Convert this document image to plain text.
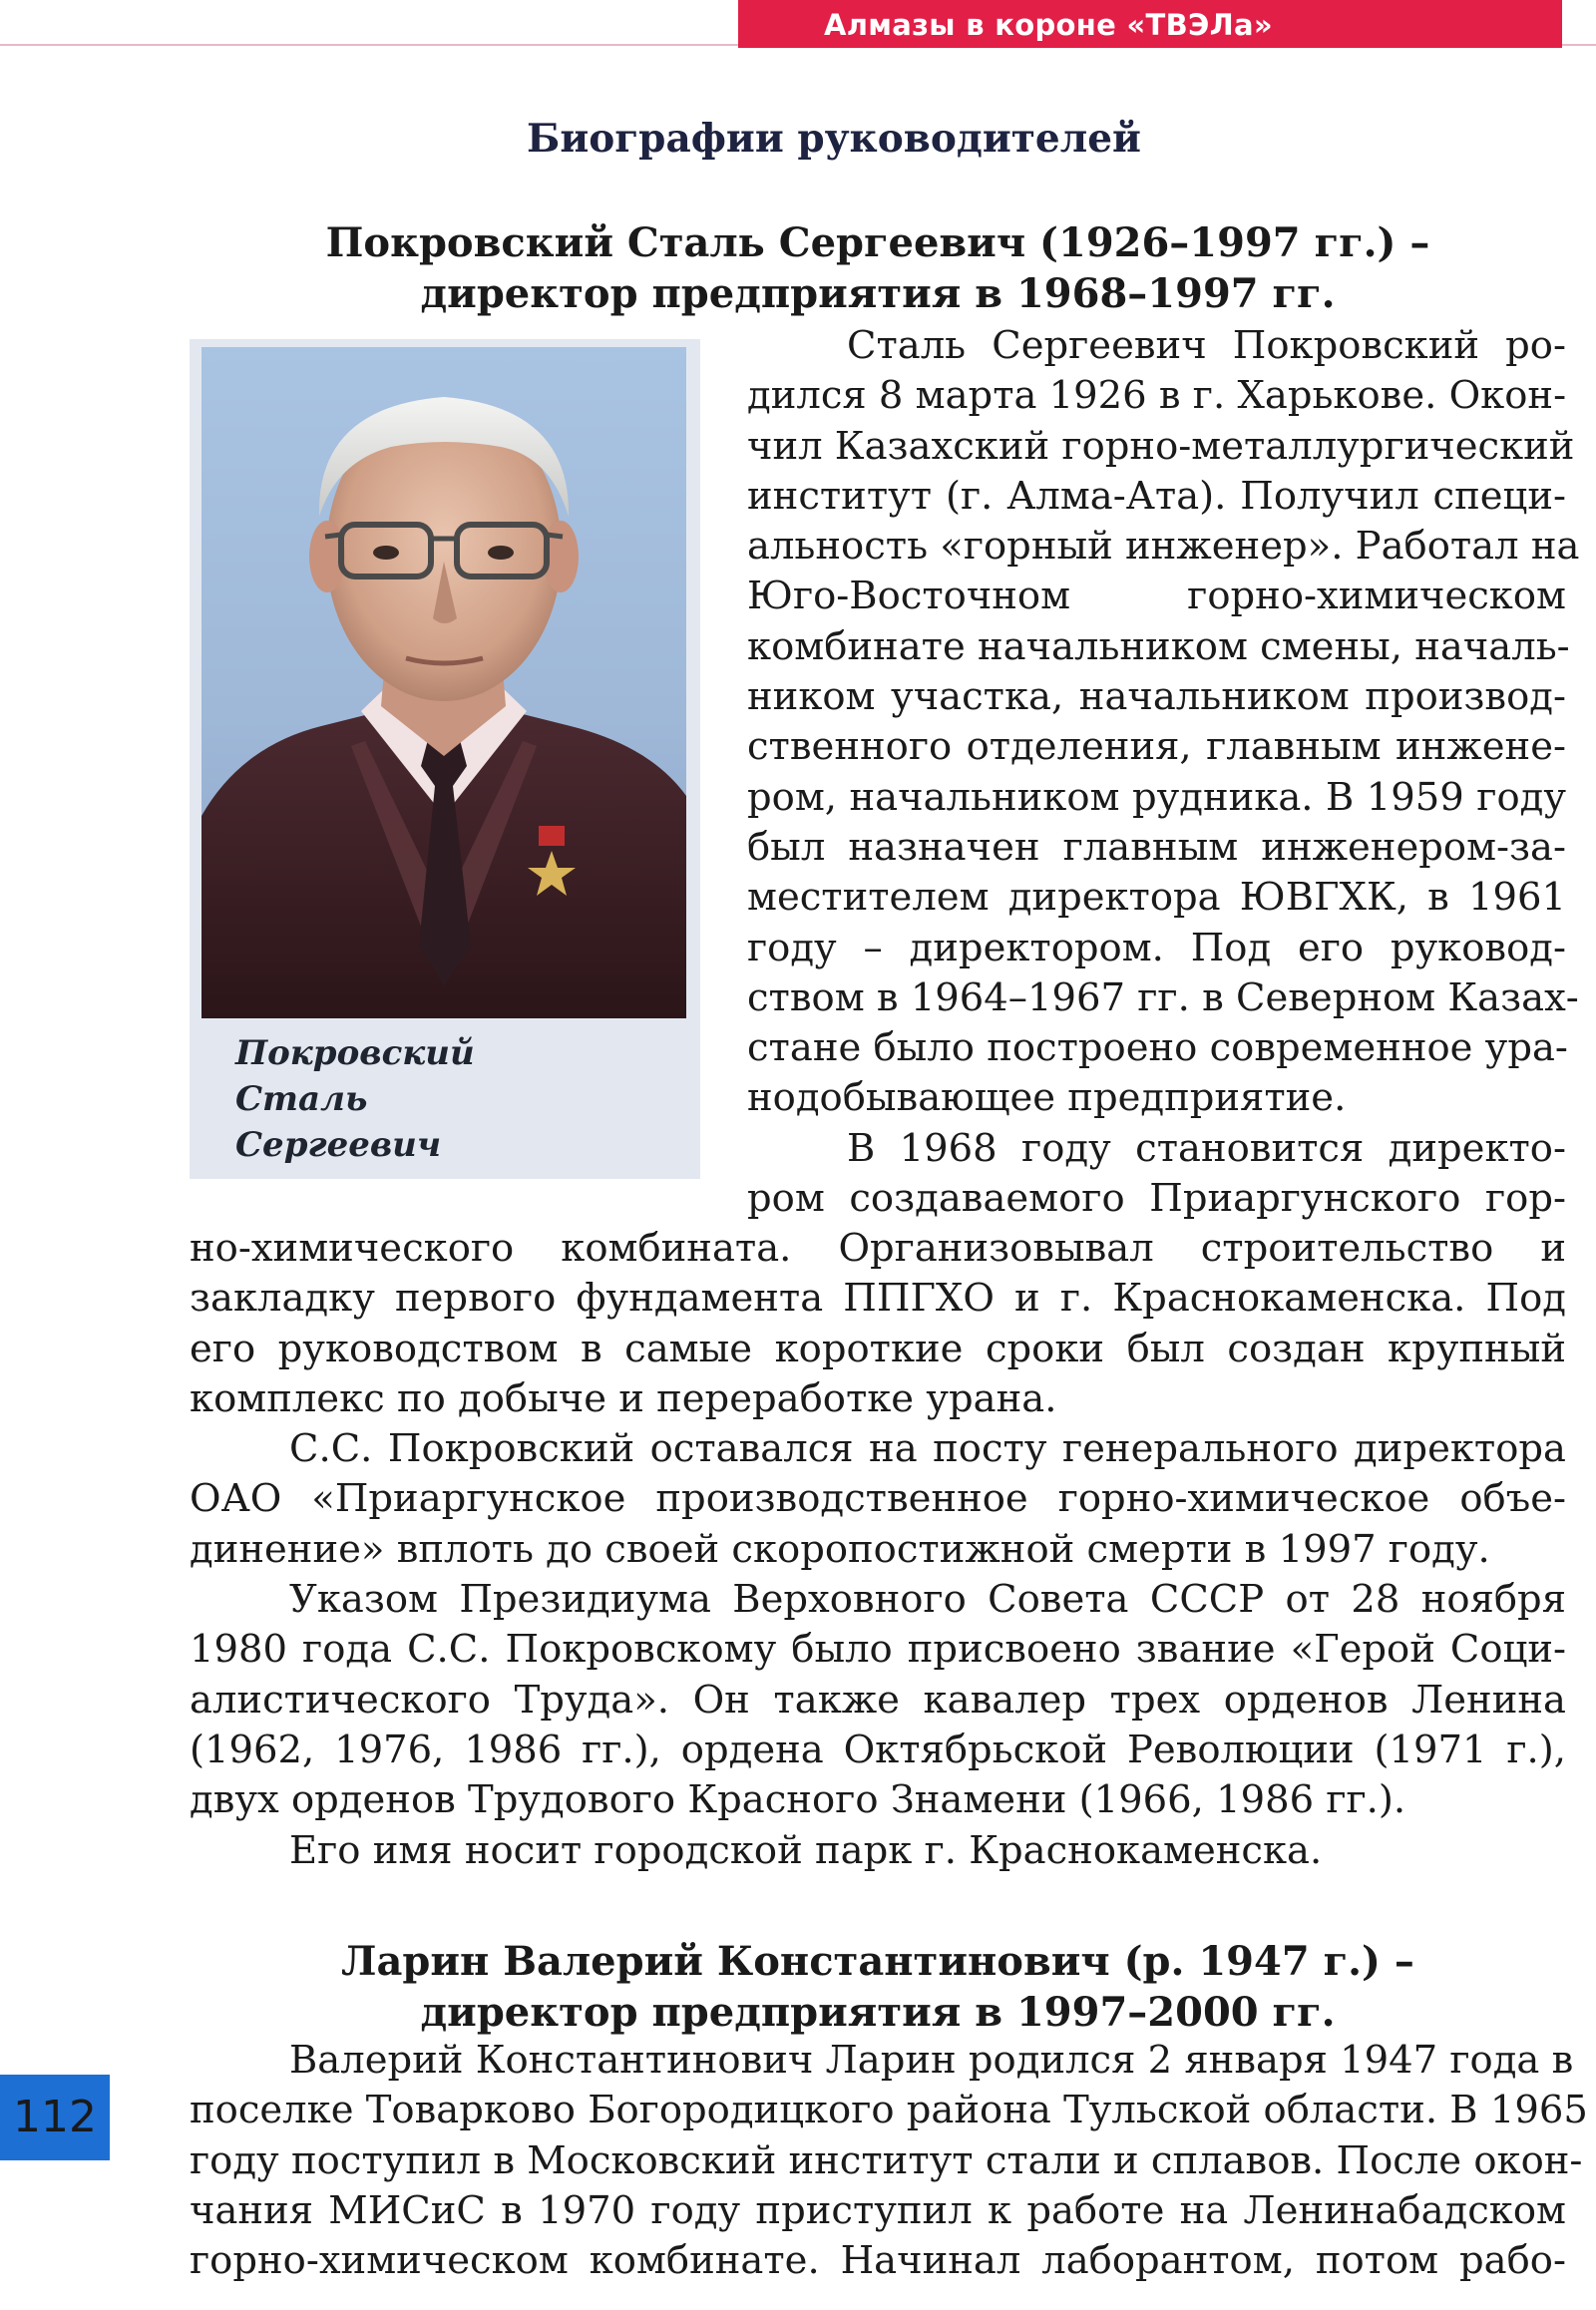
Алмазы в короне «ТВЭЛа»
Биографии руководителей
Покровский Сталь Сергеевич (1926–1997 гг.) –
директор предприятия в 1968–1997 гг.
Покровский
Сталь
Сергеевич
Сталь Сергеевич Покровский ро-
дился 8 марта 1926 в г. Харькове. Окон-
чил Казахский горно-металлургический
институт (г. Алма-Ата). Получил специ-
альность «горный инженер». Работал на
Юго-Восточном горно-химическом
комбинате начальником смены, началь-
ником участка, начальником производ-
ственного отделения, главным инжене-
ром, начальником рудника. В 1959 году
был назначен главным инженером-за-
местителем директора ЮВГХК, в 1961
году – директором. Под его руковод-
ством в 1964–1967 гг. в Северном Казах-
стане было построено современное ура-
нодобывающее предприятие.
В 1968 году становится директо-
ром создаваемого Приаргунского гор-
но-химического комбината. Организовывал строительство и
закладку первого фундамента ППГХО и г. Краснокаменска. Под
его руководством в самые короткие сроки был создан крупный
комплекс по добыче и переработке урана.
С.С. Покровский оставался на посту генерального директора
ОАО «Приаргунское производственное горно-химическое объе-
динение» вплоть до своей скоропостижной смерти в 1997 году.
Указом Президиума Верховного Совета СССР от 28 ноября
1980 года С.С. Покровскому было присвоено звание «Герой Соци-
алистического Труда». Он также кавалер трех орденов Ленина
(1962, 1976, 1986 гг.), ордена Октябрьской Революции (1971 г.),
двух орденов Трудового Красного Знамени (1966, 1986 гг.).
Его имя носит городской парк г. Краснокаменска.
Ларин Валерий Константинович (р. 1947 г.) –
директор предприятия в 1997–2000 гг.
Валерий Константинович Ларин родился 2 января 1947 года в
поселке Товарково Богородицкого района Тульской области. В 1965
году поступил в Московский институт стали и сплавов. После окон-
чания МИСиС в 1970 году приступил к работе на Ленинабадском
горно-химическом комбинате. Начинал лаборантом, потом рабо-
112
